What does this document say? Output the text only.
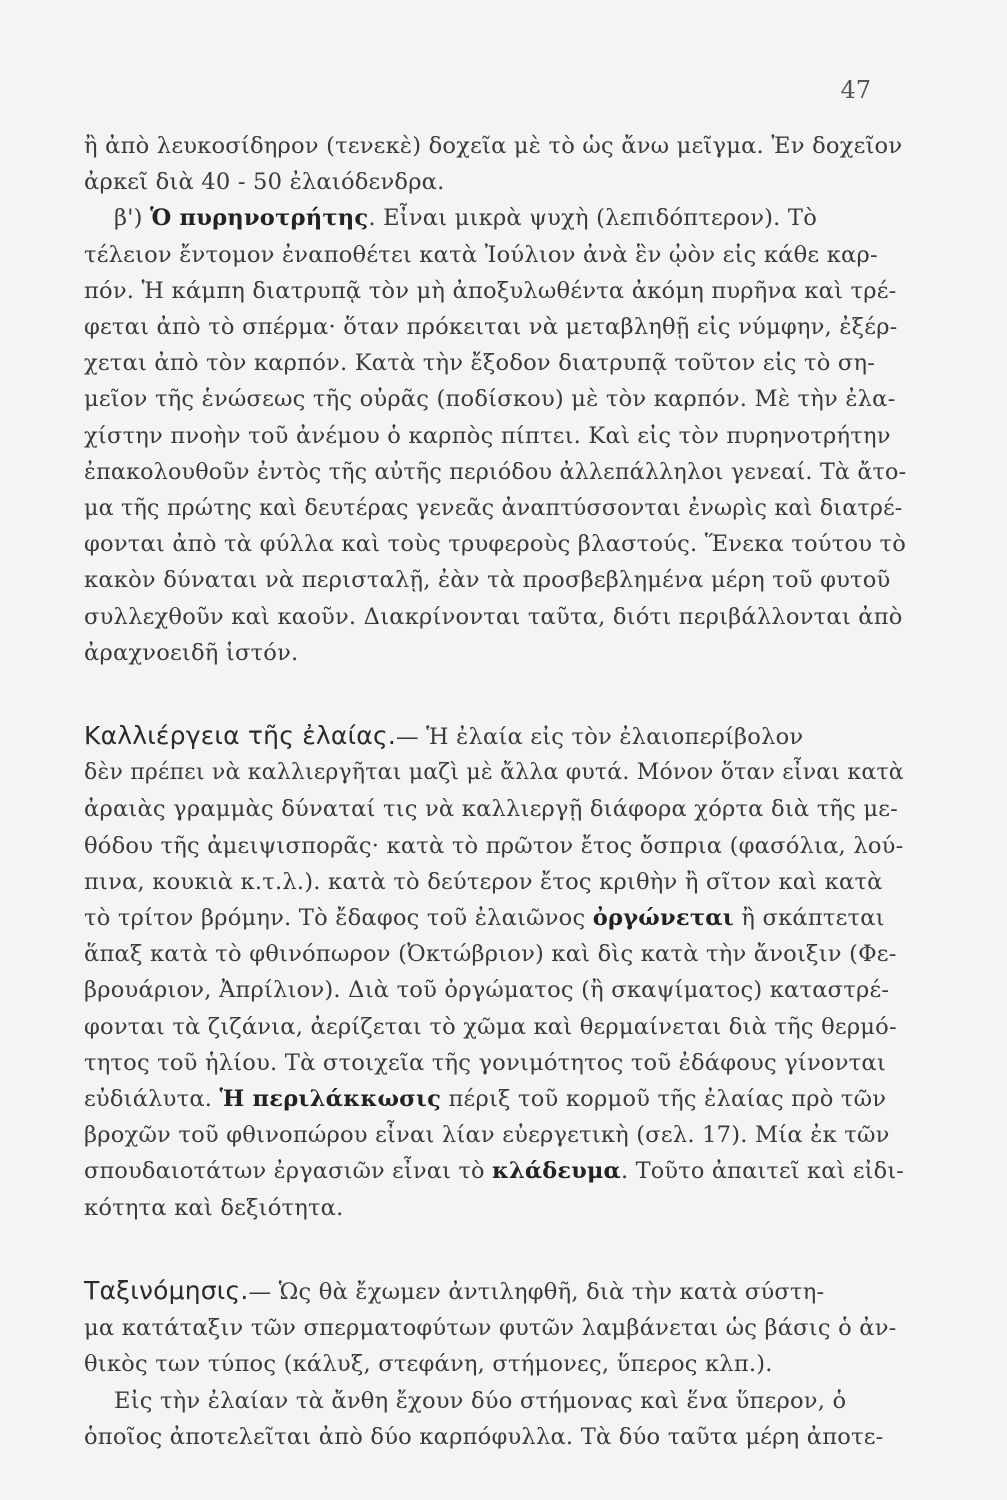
47
ἢ ἀπὸ λευκοσίδηρον (τενεκὲ) δοχεῖα μὲ τὸ ὡς ἄνω μεῖγμα. Ἐν δοχεῖον
ἀρκεῖ διὰ 40 - 50 ἐλαιόδενδρα.
β') Ὁ πυρηνοτρήτης. Εἶναι μικρὰ ψυχὴ (λεπιδόπτερον). Τὸ
τέλειον ἔντομον ἐναποθέτει κατὰ Ἰούλιον ἀνὰ ἓν ᾠὸν εἰς κάθε καρ-
πόν. Ἡ κάμπη διατρυπᾷ τὸν μὴ ἀποξυλωθέντα ἀκόμη πυρῆνα καὶ τρέ-
φεται ἀπὸ τὸ σπέρμα· ὅταν πρόκειται νὰ μεταβληθῇ εἰς νύμφην, ἐξέρ-
χεται ἀπὸ τὸν καρπόν. Κατὰ τὴν ἔξοδον διατρυπᾷ τοῦτον εἰς τὸ ση-
μεῖον τῆς ἑνώσεως τῆς οὐρᾶς (ποδίσκου) μὲ τὸν καρπόν. Μὲ τὴν ἐλα-
χίστην πνοὴν τοῦ ἀνέμου ὁ καρπὸς πίπτει. Καὶ εἰς τὸν πυρηνοτρήτην
ἐπακολουθοῦν ἐντὸς τῆς αὐτῆς περιόδου ἀλλεπάλληλοι γενεαί. Τὰ ἄτο-
μα τῆς πρώτης καὶ δευτέρας γενεᾶς ἀναπτύσσονται ἐνωρὶς καὶ διατρέ-
φονται ἀπὸ τὰ φύλλα καὶ τοὺς τρυφεροὺς βλαστούς. Ἕνεκα τούτου τὸ
κακὸν δύναται νὰ περισταλῇ, ἐὰν τὰ προσβεβλημένα μέρη τοῦ φυτοῦ
συλλεχθοῦν καὶ καοῦν. Διακρίνονται ταῦτα, διότι περιβάλλονται ἀπὸ
ἀραχνοειδῆ ἱστόν.
Καλλιέργεια τῆς ἐλαίας.— Ἡ ἐλαία εἰς τὸν ἐλαιοπερίβολον
δὲν πρέπει νὰ καλλιεργῆται μαζὶ μὲ ἄλλα φυτά. Μόνον ὅταν εἶναι κατὰ
ἀραιὰς γραμμὰς δύναταί τις νὰ καλλιεργῇ διάφορα χόρτα διὰ τῆς με-
θόδου τῆς ἀμειψισπορᾶς· κατὰ τὸ πρῶτον ἔτος ὄσπρια (φασόλια, λού-
πινα, κουκιὰ κ.τ.λ.). κατὰ τὸ δεύτερον ἔτος κριθὴν ἢ σῖτον καὶ κατὰ
τὸ τρίτον βρόμην. Τὸ ἔδαφος τοῦ ἐλαιῶνος ὀργώνεται ἢ σκάπτεται
ἅπαξ κατὰ τὸ φθινόπωρον (Ὀκτώβριον) καὶ δὶς κατὰ τὴν ἄνοιξιν (Φε-
βρουάριον, Ἀπρίλιον). Διὰ τοῦ ὀργώματος (ἢ σκαψίματος) καταστρέ-
φονται τὰ ζιζάνια, ἀερίζεται τὸ χῶμα καὶ θερμαίνεται διὰ τῆς θερμό-
τητος τοῦ ἡλίου. Τὰ στοιχεῖα τῆς γονιμότητος τοῦ ἐδάφους γίνονται
εὐδιάλυτα. Ἡ περιλάκκωσις πέριξ τοῦ κορμοῦ τῆς ἐλαίας πρὸ τῶν
βροχῶν τοῦ φθινοπώρου εἶναι λίαν εὐεργετικὴ (σελ. 17). Μία ἐκ τῶν
σπουδαιοτάτων ἐργασιῶν εἶναι τὸ κλάδευμα. Τοῦτο ἀπαιτεῖ καὶ εἰδι-
κότητα καὶ δεξιότητα.
Ταξινόμησις.— Ὡς θὰ ἔχωμεν ἀντιληφθῆ, διὰ τὴν κατὰ σύστη-
μα κατάταξιν τῶν σπερματοφύτων φυτῶν λαμβάνεται ὡς βάσις ὁ ἀν-
θικὸς των τύπος (κάλυξ, στεφάνη, στήμονες, ὕπερος κλπ.).
Εἰς τὴν ἐλαίαν τὰ ἄνθη ἔχουν δύο στήμονας καὶ ἕνα ὕπερον, ὁ
ὁποῖος ἀποτελεῖται ἀπὸ δύο καρπόφυλλα. Τὰ δύο ταῦτα μέρη ἀποτε-
